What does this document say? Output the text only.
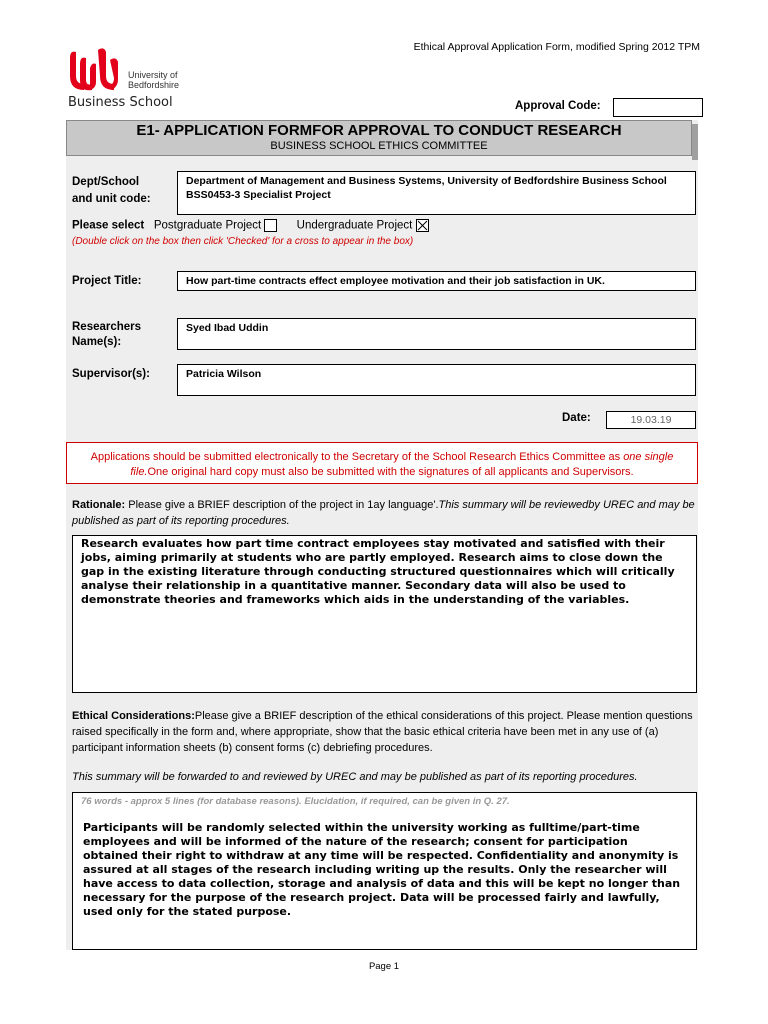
Ethical Approval Application Form, modified Spring 2012 TPM
University of
Bedfordshire
Business School	Approval Code:
E1- APPLICATION FORMFOR APPROVAL TO CONDUCT RESEARCH
BUSINESS SCHOOL ETHICS COMMITTEE
Dept/School
and unit code:
Department of Management and Business Systems, University of Bedfordshire Business School
BSS0453-3 Specialist Project
Please select Postgraduate Project	Undergraduate Project
(Double click on the box then click 'Checked' for a cross to appear in the box)
Project Title:	How part-time contracts effect employee motivation and their job satisfaction in UK.
Researchers
Name(s):
Syed Ibad Uddin
Supervisor(s):	Patricia Wilson
Date:	19.03.19
Applications should be submitted electronically to the Secretary of the School Research Ethics Committee as one single file.One original hard copy must also be submitted with the signatures of all applicants and Supervisors.
Rationale: Please give a BRIEF description of the project in 1ay language'.This summary will be reviewedby UREC and may be published as part of its reporting procedures.
Research evaluates how part time contract employees stay motivated and satisfied with their jobs, aiming primarily at students who are partly employed. Research aims to close down the gap in the existing literature through conducting structured questionnaires which will critically analyse their relationship in a quantitative manner. Secondary data will also be used to demonstrate theories and frameworks which aids in the understanding of the variables.
Ethical Considerations:Please give a BRIEF description of the ethical considerations of this project. Please mention questions raised specifically in the form and, where appropriate, show that the basic ethical criteria have been met in any use of (a) participant information sheets (b) consent forms (c) debriefing procedures.
This summary will be forwarded to and reviewed by UREC and may be published as part of its reporting procedures.
76 words - approx 5 lines (for database reasons). Elucidation, if required, can be given in Q. 27.
Participants will be randomly selected within the university working as fulltime/part-time employees and will be informed of the nature of the research; consent for participation obtained their right to withdraw at any time will be respected. Confidentiality and anonymity is assured at all stages of the research including writing up the results. Only the researcher will have access to data collection, storage and analysis of data and this will be kept no longer than necessary for the purpose of the research project. Data will be processed fairly and lawfully, used only for the stated purpose.
Page 1
